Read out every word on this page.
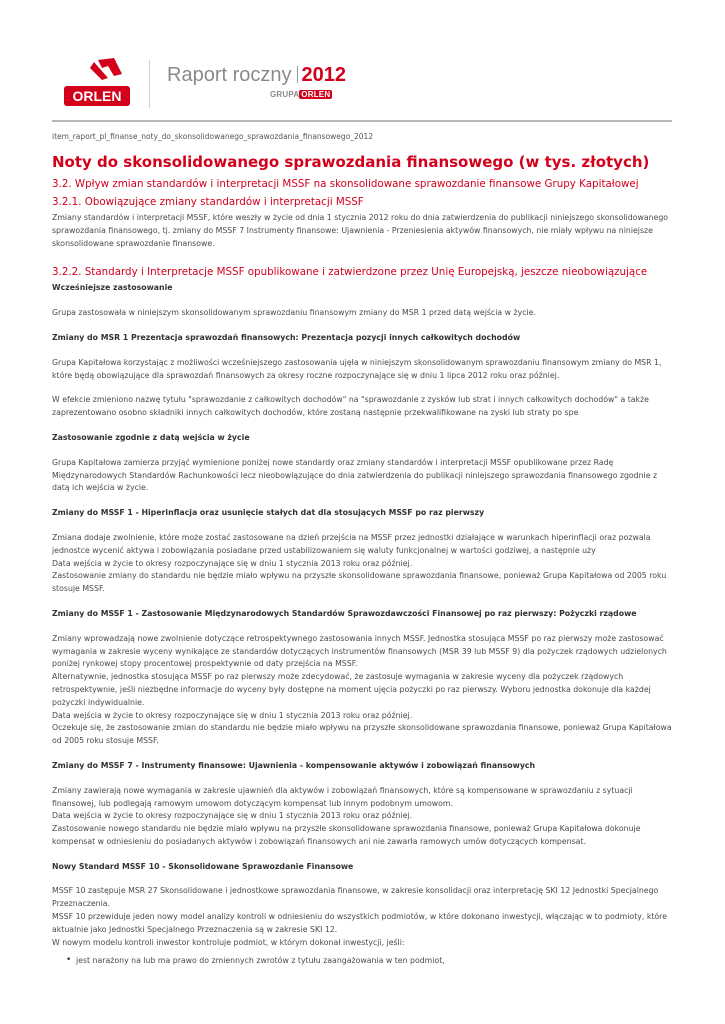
ORLEN
Raport roczny 2012
GRUPA ORLEN
item_raport_pl_finanse_noty_do_skonsolidowanego_sprawozdania_finansowego_2012
Noty do skonsolidowanego sprawozdania finansowego (w tys. złotych)
3.2. Wpływ zmian standardów i interpretacji MSSF na skonsolidowane sprawozdanie finansowe Grupy Kapitałowej
3.2.1. Obowiązujące zmiany standardów i interpretacji MSSF

Zmiany standardów i interpretacji MSSF, które weszły w życie od dnia 1 stycznia 2012 roku do dnia zatwierdzenia do publikacji niniejszego skonsolidowanego sprawozdania finansowego, tj. zmiany do MSSF 7 Instrumenty finansowe: Ujawnienia - Przeniesienia aktywów finansowych, nie miały wpływu na niniejsze skonsolidowane sprawozdanie finansowe.

3.2.2. Standardy i Interpretacje MSSF opublikowane i zatwierdzone przez Unię Europejską, jeszcze nieobowiązujące

Wcześniejsze zastosowanie

Grupa zastosowała w niniejszym skonsolidowanym sprawozdaniu finansowym zmiany do MSR 1 przed datą wejścia w życie.

Zmiany do MSR 1 Prezentacja sprawozdań finansowych: Prezentacja pozycji innych całkowitych dochodów

Grupa Kapitałowa korzystając z możliwości wcześniejszego zastosowania ujęła w niniejszym skonsolidowanym sprawozdaniu finansowym zmiany do MSR 1, które będą obowiązujące dla sprawozdań finansowych za okresy roczne rozpoczynające się w dniu 1 lipca 2012 roku oraz później.

W efekcie zmieniono nazwę tytułu "sprawozdanie z całkowitych dochodów" na "sprawozdanie z zysków lub strat i innych całkowitych dochodów" a także zaprezentowano osobno składniki innych całkowitych dochodów, które zostaną następnie przekwalifikowane na zyski lub straty po spe

Zastosowanie zgodnie z datą wejścia w życie

Grupa Kapitałowa zamierza przyjąć wymienione poniżej nowe standardy oraz zmiany standardów i interpretacji MSSF opublikowane przez Radę Międzynarodowych Standardów Rachunkowości lecz nieobowiązujące do dnia zatwierdzenia do publikacji niniejszego sprawozdania finansowego zgodnie z datą ich wejścia w życie.

Zmiany do MSSF 1 - Hiperinflacja oraz usunięcie stałych dat dla stosujących MSSF po raz pierwszy

Zmiana dodaje zwolnienie, które może zostać zastosowane na dzień przejścia na MSSF przez jednostki działające w warunkach hiperinflacji oraz pozwala jednostce wycenić aktywa i zobowiązania posiadane przed ustabilizowaniem się waluty funkcjonalnej w wartości godziwej, a następnie uży

Data wejścia w życie to okresy rozpoczynające się w dniu 1 stycznia 2013 roku oraz później.

Zastosowanie zmiany do standardu nie będzie miało wpływu na przyszłe skonsolidowane sprawozdania finansowe, ponieważ Grupa Kapitałowa od 2005 roku stosuje MSSF.

Zmiany do MSSF 1 - Zastosowanie Międzynarodowych Standardów Sprawozdawczości Finansowej po raz pierwszy: Pożyczki rządowe

Zmiany wprowadzają nowe zwolnienie dotyczące retrospektywnego zastosowania innych MSSF. Jednostka stosująca MSSF po raz pierwszy może zastosować wymagania w zakresie wyceny wynikające ze standardów dotyczących instrumentów finansowych (MSR 39 lub MSSF 9) dla pożyczek rządowych udzielonych poniżej rynkowej stopy procentowej prospektywnie od daty przejścia na MSSF.

Alternatywnie, jednostka stosująca MSSF po raz pierwszy może zdecydować, że zastosuje wymagania w zakresie wyceny dla pożyczek rządowych retrospektywnie, jeśli niezbędne informacje do wyceny były dostępne na moment ujęcia pożyczki po raz pierwszy. Wyboru jednostka dokonuje dla każdej pożyczki indywidualnie.

Data wejścia w życie to okresy rozpoczynające się w dniu 1 stycznia 2013 roku oraz później.

Oczekuje się, że zastosowanie zmian do standardu nie będzie miało wpływu na przyszłe skonsolidowane sprawozdania finansowe, ponieważ Grupa Kapitałowa od 2005 roku stosuje MSSF.

Zmiany do MSSF 7 - Instrumenty finansowe: Ujawnienia - kompensowanie aktywów i zobowiązań finansowych

Zmiany zawierają nowe wymagania w zakresie ujawnień dla aktywów i zobowiązań finansowych, które są kompensowane w sprawozdaniu z sytuacji finansowej, lub podlegają ramowym umowom dotyczącym kompensat lub innym podobnym umowom.

Data wejścia w życie to okresy rozpoczynające się w dniu 1 stycznia 2013 roku oraz później.

Zastosowanie nowego standardu nie będzie miało wpływu na przyszłe skonsolidowane sprawozdania finansowe, ponieważ Grupa Kapitałowa dokonuje kompensat w odniesieniu do posiadanych aktywów i zobowiązań finansowych ani nie zawarła ramowych umów dotyczących kompensat.

Nowy Standard MSSF 10 - Skonsolidowane Sprawozdanie Finansowe

MSSF 10 zastępuje MSR 27 Skonsolidowane i jednostkowe sprawozdania finansowe, w zakresie konsolidacji oraz interpretację SKI 12 Jednostki Specjalnego Przeznaczenia.

MSSF 10 przewiduje jeden nowy model analizy kontroli w odniesieniu do wszystkich podmiotów, w które dokonano inwestycji, włączając w to podmioty, które aktualnie jako Jednostki Specjalnego Przeznaczenia są w zakresie SKI 12.

W nowym modelu kontroli inwestor kontroluje podmiot, w którym dokonał inwestycji, jeśli:

• jest narażony na lub ma prawo do zmiennych zwrotów z tytułu zaangażowania w ten podmiot,
